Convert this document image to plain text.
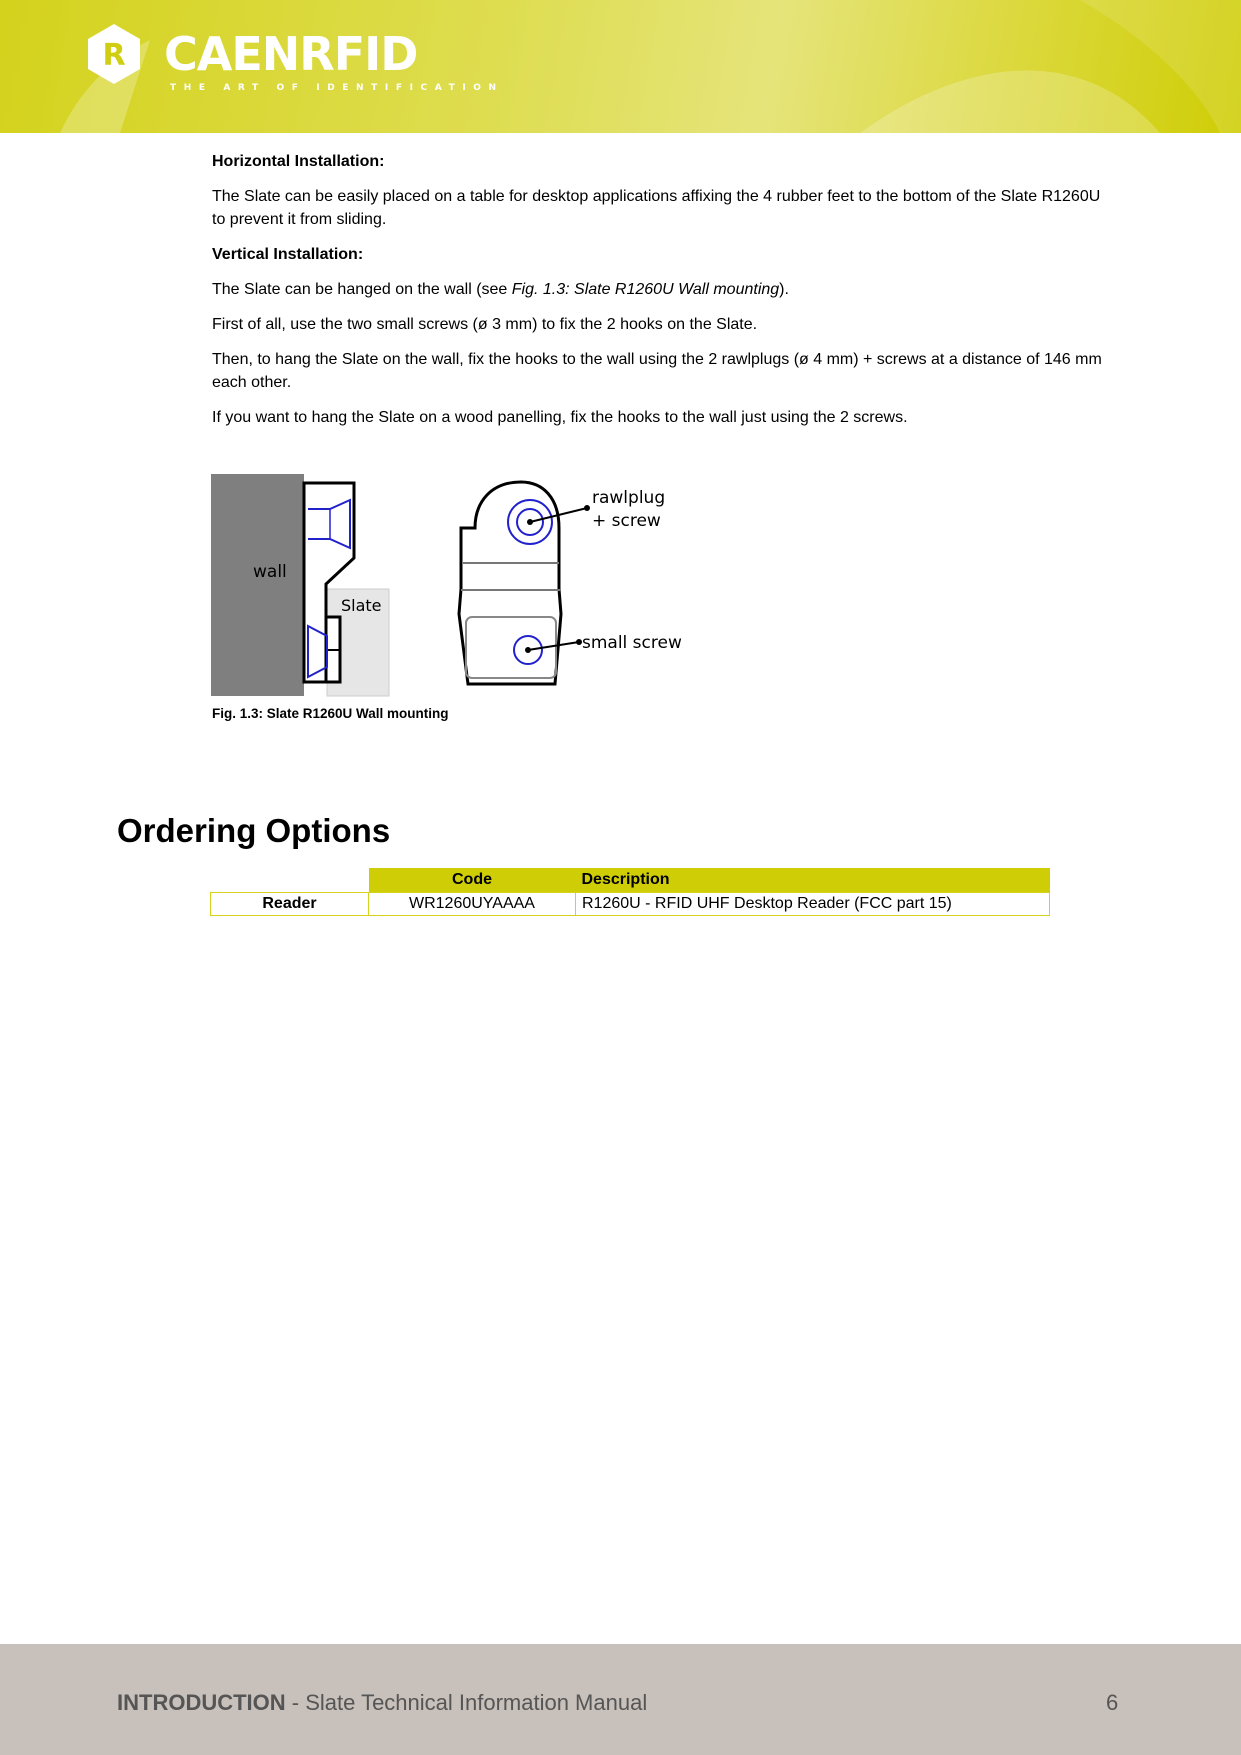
R CAENRFID
THE ART OF IDENTIFICATION

Horizontal Installation:

The Slate can be easily placed on a table for desktop applications affixing the 4 rubber feet to the bottom of the Slate R1260U to prevent it from sliding.

Vertical Installation:

The Slate can be hanged on the wall (see Fig. 1.3: Slate R1260U Wall mounting).

First of all, use the two small screws (ø 3 mm) to fix the 2 hooks on the Slate.

Then, to hang the Slate on the wall, fix the hooks to the wall using the 2 rawlplugs (ø 4 mm) + screws at a distance of 146 mm each other.

If you want to hang the Slate on a wood panelling, fix the hooks to the wall just using the 2 screws.

wall
Slate
rawlplug
+ screw
small screw
Fig. 1.3: Slate R1260U Wall mounting
Ordering Options
	Code	Description
Reader	WR1260UYAAAA	R1260U - RFID UHF Desktop Reader (FCC part 15)
INTRODUCTION - Slate Technical Information Manual	6
